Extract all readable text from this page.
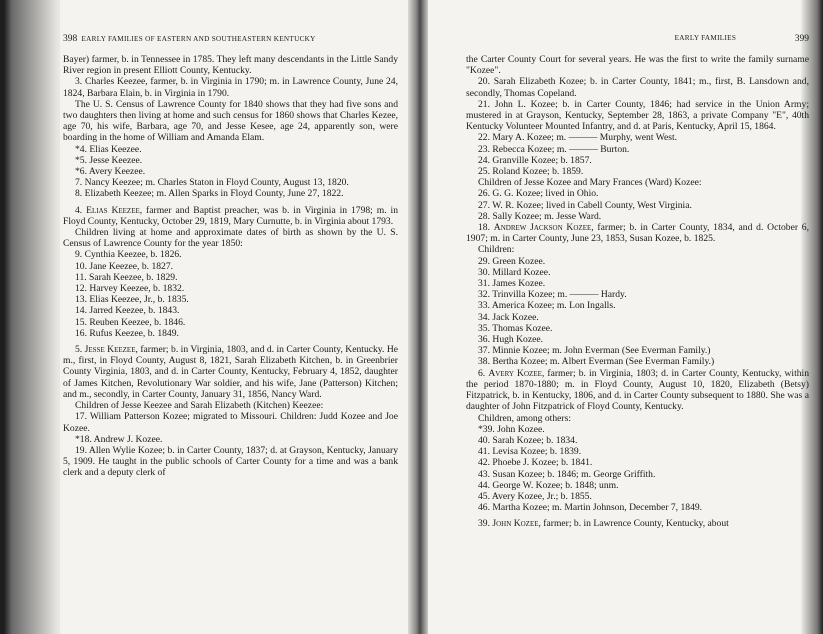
398 EARLY FAMILIES OF EASTERN AND SOUTHEASTERN KENTUCKY

Bayer) farmer, b. in Tennessee in 1785. They left many descendants in the Little Sandy River region in present Elliott County, Kentucky.

3. Charles Keezee, farmer, b. in Virginia in 1790; m. in Lawrence County, June 24, 1824, Barbara Elain, b. in Virginia in 1790.

The U. S. Census of Lawrence County for 1840 shows that they had five sons and two daughters then living at home and such census for 1860 shows that Charles Kezee, age 70, his wife, Barbara, age 70, and Jesse Kesee, age 24, apparently son, were boarding in the home of William and Amanda Elam.

*4. Elias Keezee.

*5. Jesse Keezee.

*6. Avery Keezee.

7. Nancy Keezee; m. Charles Staton in Floyd County, August 13, 1820.

8. Elizabeth Keezee; m. Allen Sparks in Floyd County, June 27, 1822.

4. Elias Keezee, farmer and Baptist preacher, was b. in Virginia in 1798; m. in Floyd County, Kentucky, October 29, 1819, Mary Curnutte, b. in Virginia about 1793.

Children living at home and approximate dates of birth as shown by the U. S. Census of Lawrence County for the year 1850:

9. Cynthia Keezee, b. 1826.

10. Jane Keezee, b. 1827.

11. Sarah Keezee, b. 1829.

12. Harvey Keezee, b. 1832.

13. Elias Keezee, Jr., b. 1835.

14. Jarred Keezee, b. 1843.

15. Reuben Keezee, b. 1846.

16. Rufus Keezee, b. 1849.

5. Jesse Keezee, farmer; b. in Virginia, 1803, and d. in Carter County, Kentucky. He m., first, in Floyd County, August 8, 1821, Sarah Elizabeth Kitchen, b. in Greenbrier County Virginia, 1803, and d. in Carter County, Kentucky, February 4, 1852, daughter of James Kitchen, Revolutionary War soldier, and his wife, Jane (Patterson) Kitchen; and m., secondly, in Carter County, January 31, 1856, Nancy Ward.

Children of Jesse Keezee and Sarah Elizabeth (Kitchen) Keezee:

17. William Patterson Kozee; migrated to Missouri. Children: Judd Kozee and Joe Kozee.

*18. Andrew J. Kozee.

19. Allen Wylie Kozee; b. in Carter County, 1837; d. at Grayson, Kentucky, January 5, 1909. He taught in the public schools of Carter County for a time and was a bank clerk and a deputy clerk of

EARLY FAMILIES	399

the Carter County Court for several years. He was the first to write the family surname "Kozee".

20. Sarah Elizabeth Kozee; b. in Carter County, 1841; m., first, B. Lansdown and, secondly, Thomas Copeland.

21. John L. Kozee; b. in Carter County, 1846; had service in the Union Army; mustered in at Grayson, Kentucky, September 28, 1863, a private Company "E", 40th Kentucky Volunteer Mounted Infantry, and d. at Paris, Kentucky, April 15, 1864.

22. Mary A. Kozee; m. ——— Murphy, went West.

23. Rebecca Kozee; m. ——— Burton.

24. Granville Kozee; b. 1857.

25. Roland Kozee; b. 1859.

Children of Jesse Kozee and Mary Frances (Ward) Kozee:

26. G. G. Kozee; lived in Ohio.

27. W. R. Kozee; lived in Cabell County, West Virginia.

28. Sally Kozee; m. Jesse Ward.

18. Andrew Jackson Kozee, farmer; b. in Carter County, 1834, and d. October 6, 1907; m. in Carter County, June 23, 1853, Susan Kozee, b. 1825.

Children:

29. Green Kozee.

30. Millard Kozee.

31. James Kozee.

32. Trinvilla Kozee; m. ——— Hardy.

33. America Kozee; m. Lon Ingalls.

34. Jack Kozee.

35. Thomas Kozee.

36. Hugh Kozee.

37. Minnie Kozee; m. John Everman (See Everman Family.)

38. Bertha Kozee; m. Albert Everman (See Everman Family.)

6. Avery Kozee, farmer; b. in Virginia, 1803; d. in Carter County, Kentucky, within the period 1870-1880; m. in Floyd County, August 10, 1820, Elizabeth (Betsy) Fitzpatrick, b. in Kentucky, 1806, and d. in Carter County subsequent to 1880. She was a daughter of John Fitzpatrick of Floyd County, Kentucky.

Children, among others:

*39. John Kozee.

40. Sarah Kozee; b. 1834.

41. Levisa Kozee; b. 1839.

42. Phoebe J. Kozee; b. 1841.

43. Susan Kozee; b. 1846; m. George Griffith.

44. George W. Kozee; b. 1848; unm.

45. Avery Kozee, Jr.; b. 1855.

46. Martha Kozee; m. Martin Johnson, December 7, 1849.

39. John Kozee, farmer; b. in Lawrence County, Kentucky, about
